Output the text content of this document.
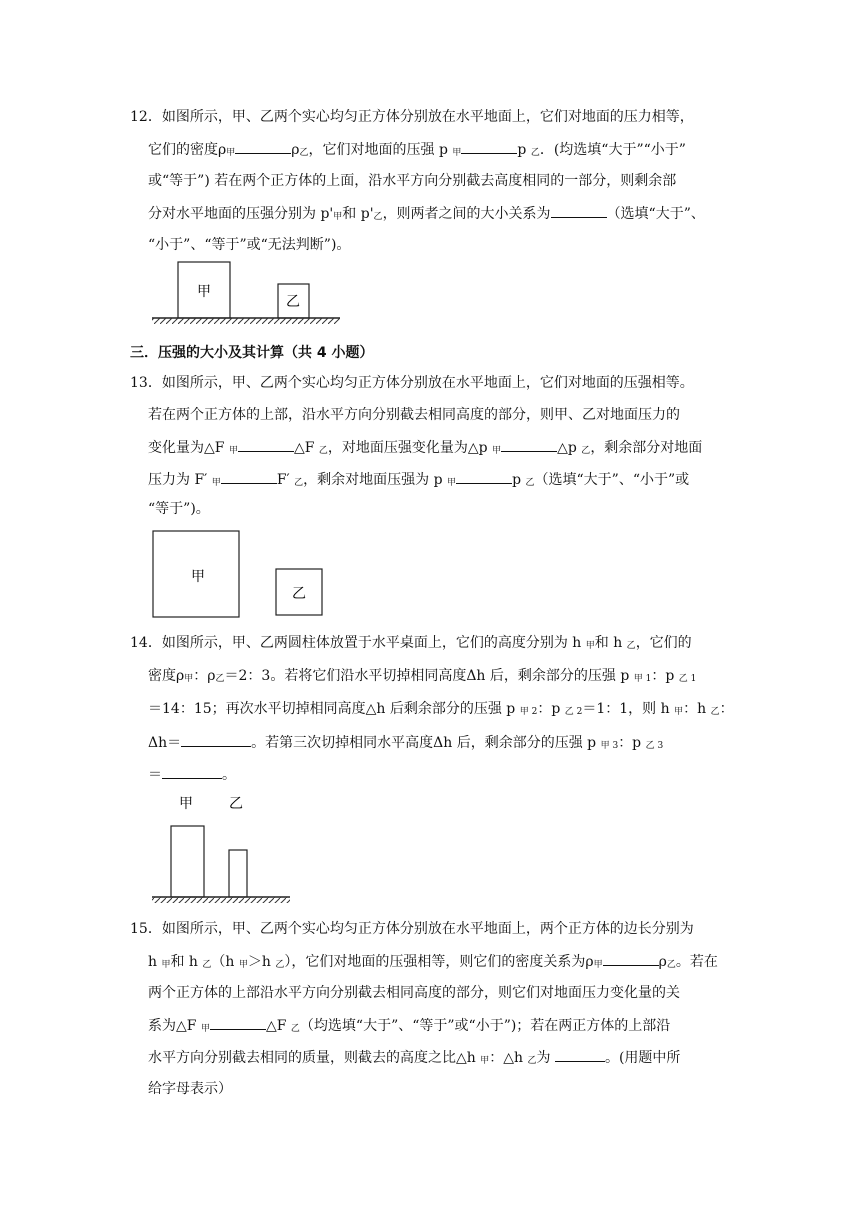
12．如图所示，甲、乙两个实心均匀正方体分别放在水平地面上，它们对地面的压力相等，
它们的密度ρ甲	ρ乙，它们对地面的压强 p 甲	p 乙．(均选填“大于”“小于”
或“等于”) 若在两个正方体的上面，沿水平方向分别截去高度相同的一部分，则剩余部
分对水平地面的压强分别为 p'甲和 p'乙，则两者之间的大小关系为	（选填“大于”、
“小于”、“等于”或“无法判断”)。
甲
乙
三．压强的大小及其计算（共 4 小题）
13．如图所示，甲、乙两个实心均匀正方体分别放在水平地面上，它们对地面的压强相等。
若在两个正方体的上部，沿水平方向分别截去相同高度的部分，则甲、乙对地面压力的
变化量为△F 甲	△F 乙，对地面压强变化量为△p 甲	△p 乙，剩余部分对地面
压力为 F′ 甲	F′ 乙，剩余对地面压强为 p 甲	p 乙（选填“大于”、“小于”或
“等于”)。
甲
乙
14．如图所示，甲、乙两圆柱体放置于水平桌面上，它们的高度分别为 h 甲和 h 乙，它们的
密度ρ甲：ρ乙＝2：3。若将它们沿水平切掉相同高度Δh 后，剩余部分的压强 p 甲 1：p 乙 1
＝14：15；再次水平切掉相同高度△h 后剩余部分的压强 p 甲 2：p 乙 2＝1：1，则 h 甲：h 乙：
Δh＝	。若第三次切掉相同水平高度Δh 后，剩余部分的压强 p 甲 3：p 乙 3
＝	。
甲	乙
15．如图所示，甲、乙两个实心均匀正方体分别放在水平地面上，两个正方体的边长分别为
h 甲和 h 乙（h 甲＞h 乙），它们对地面的压强相等，则它们的密度关系为ρ甲	ρ乙。若在
两个正方体的上部沿水平方向分别截去相同高度的部分，则它们对地面压力变化量的关
系为△F 甲	△F 乙（均选填“大于”、“等于”或“小于”)；若在两正方体的上部沿
水平方向分别截去相同的质量，则截去的高度之比△h 甲：△h 乙为	。(用题中所
给字母表示）
